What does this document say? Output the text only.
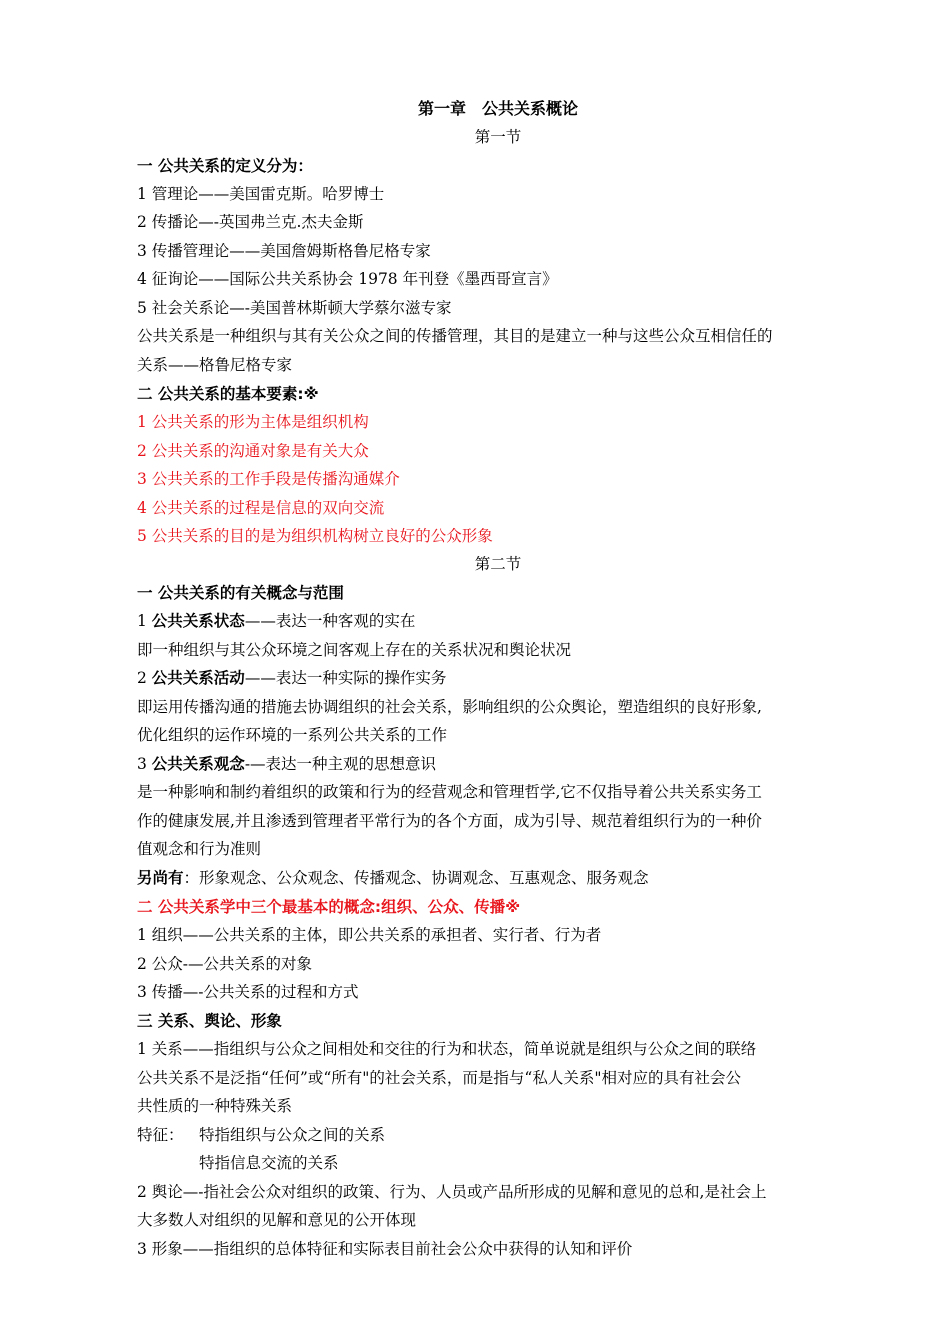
第一章　公共关系概论
第一节
一 公共关系的定义分为：
1 管理论——美国雷克斯。哈罗博士
2 传播论—-英国弗兰克.杰夫金斯
3 传播管理论——美国詹姆斯格鲁尼格专家
4 征询论——国际公共关系协会 1978 年刊登《墨西哥宣言》
5 社会关系论—-美国普林斯顿大学蔡尔滋专家
公共关系是一种组织与其有关公众之间的传播管理，其目的是建立一种与这些公众互相信任的
关系——格鲁尼格专家
二 公共关系的基本要素:※
1 公共关系的形为主体是组织机构
2 公共关系的沟通对象是有关大众
3 公共关系的工作手段是传播沟通媒介
4 公共关系的过程是信息的双向交流
5 公共关系的目的是为组织机构树立良好的公众形象
第二节
一 公共关系的有关概念与范围
1 公共关系状态——表达一种客观的实在
即一种组织与其公众环境之间客观上存在的关系状况和舆论状况
2 公共关系活动——表达一种实际的操作实务
即运用传播沟通的措施去协调组织的社会关系，影响组织的公众舆论，塑造组织的良好形象,
优化组织的运作环境的一系列公共关系的工作
3 公共关系观念-—表达一种主观的思想意识
是一种影响和制约着组织的政策和行为的经营观念和管理哲学,它不仅指导着公共关系实务工
作的健康发展,并且渗透到管理者平常行为的各个方面，成为引导、规范着组织行为的一种价
值观念和行为准则
另尚有：形象观念、公众观念、传播观念、协调观念、互惠观念、服务观念
二 公共关系学中三个最基本的概念:组织、公众、传播※
1 组织——公共关系的主体，即公共关系的承担者、实行者、行为者
2 公众-—公共关系的对象
3 传播—-公共关系的过程和方式
三 关系、舆论、形象
1 关系——指组织与公众之间相处和交往的行为和状态，简单说就是组织与公众之间的联络
公共关系不是泛指“任何”或“所有"的社会关系，而是指与“私人关系"相对应的具有社会公
共性质的一种特殊关系
特征： 特指组织与公众之间的关系
特指信息交流的关系
2 舆论—-指社会公众对组织的政策、行为、人员或产品所形成的见解和意见的总和,是社会上
大多数人对组织的见解和意见的公开体现
3 形象——指组织的总体特征和实际表目前社会公众中获得的认知和评价
